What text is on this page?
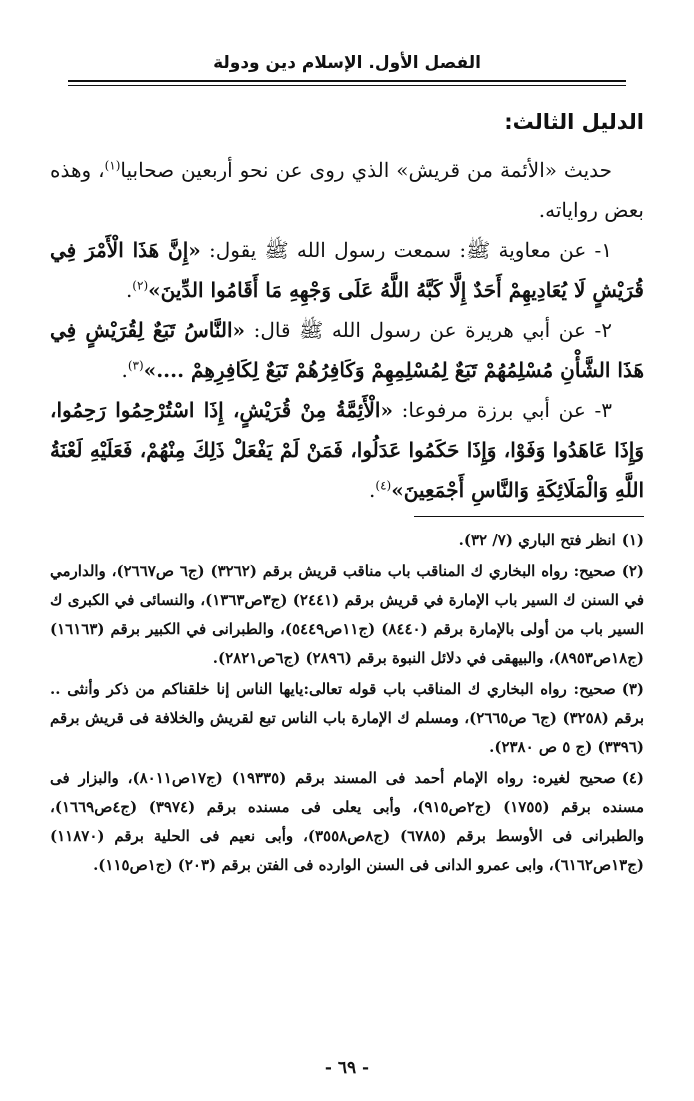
الفصل الأول. الإسلام دين ودولة
الدليل الثالث:

حديث «الأئمة من قريش» الذي روى عن نحو أربعين صحابيا$^{(١)}$، وهذه بعض رواياته.

١- عن معاوية ﷺ: سمعت رسول الله ﷺ يقول: «إِنَّ هَذَا الْأَمْرَ فِي قُرَيْشٍ لَا يُعَادِيهِمْ أَحَدٌ إِلَّا كَبَّهُ اللَّهُ عَلَى وَجْهِهِ مَا أَقَامُوا الدِّينَ»$^{(٢)}$.

٢- عن أبي هريرة عن رسول الله ﷺ قال: «النَّاسُ تَبَعٌ لِقُرَيْشٍ فِي هَذَا الشَّأْنِ مُسْلِمُهُمْ تَبَعٌ لِمُسْلِمِهِمْ وَكَافِرُهُمْ تَبَعٌ لِكَافِرِهِمْ ....»$^{(٣)}$.

٣- عن أبي برزة مرفوعا: «الْأَئِمَّةُ مِنْ قُرَيْشٍ، إِذَا اسْتُرْحِمُوا رَحِمُوا، وَإِذَا عَاهَدُوا وَفَوْا، وَإِذَا حَكَمُوا عَدَلُوا، فَمَنْ لَمْ يَفْعَلْ ذَلِكَ مِنْهُمْ، فَعَلَيْهِ لَعْنَةُ اللَّهِ وَالْمَلَائِكَةِ وَالنَّاسِ أَجْمَعِينَ»$^{(٤)}$.

(١)انظر فتح الباري (٧/ ٣٢).

(٢)صحيح: رواه البخاري ك المناقب باب مناقب قريش برقم (٣٢٦٢) (ج٦ ص٢٦٦٧)، والدارمي في السنن ك السير باب الإمارة في قريش برقم (٢٤٤١) (ج٣ص١٣٦٣)، والنسائى في الكبرى ك السير باب من أولى بالإمارة برقم (٨٤٤٠) (ج١١ص٥٤٤٩)، والطبرانى في الكبير برقم (١٦١٦٣) (ج١٨ص٨٩٥٣)، والبيهقى في دلائل النبوة برقم (٢٨٩٦) (ج٦ص٢٨٢١).

(٣)صحيح: رواه البخاري ك المناقب باب قوله تعالى:يايها الناس إنا خلقناكم من ذكر وأنثى .. برقم (٣٢٥٨) (ج٦ ص٢٦٦٥)، ومسلم ك الإمارة باب الناس تبع لقريش والخلافة فى قريش برقم (٣٣٩٦) (ج ٥ ص ٢٣٨٠).

(٤)صحيح لغيره: رواه الإمام أحمد فى المسند برقم (١٩٣٣٥) (ج١٧ص٨٠١١)، والبزار فى مسنده برقم (١٧٥٥) (ج٢ص٩١٥)، وأبى يعلى فى مسنده برقم (٣٩٧٤) (ج٤ص١٦٦٩)، والطبرانى فى الأوسط برقم (٦٧٨٥) (ج٨ص٣٥٥٨)، وأبى نعيم فى الحلية برقم (١١٨٧٠) (ج١٣ص٦١٦٢)، وابى عمرو الدانى فى السنن الوارده فى الفتن برقم (٢٠٣) (ج١ص١١٥).

- ٦٩ -
